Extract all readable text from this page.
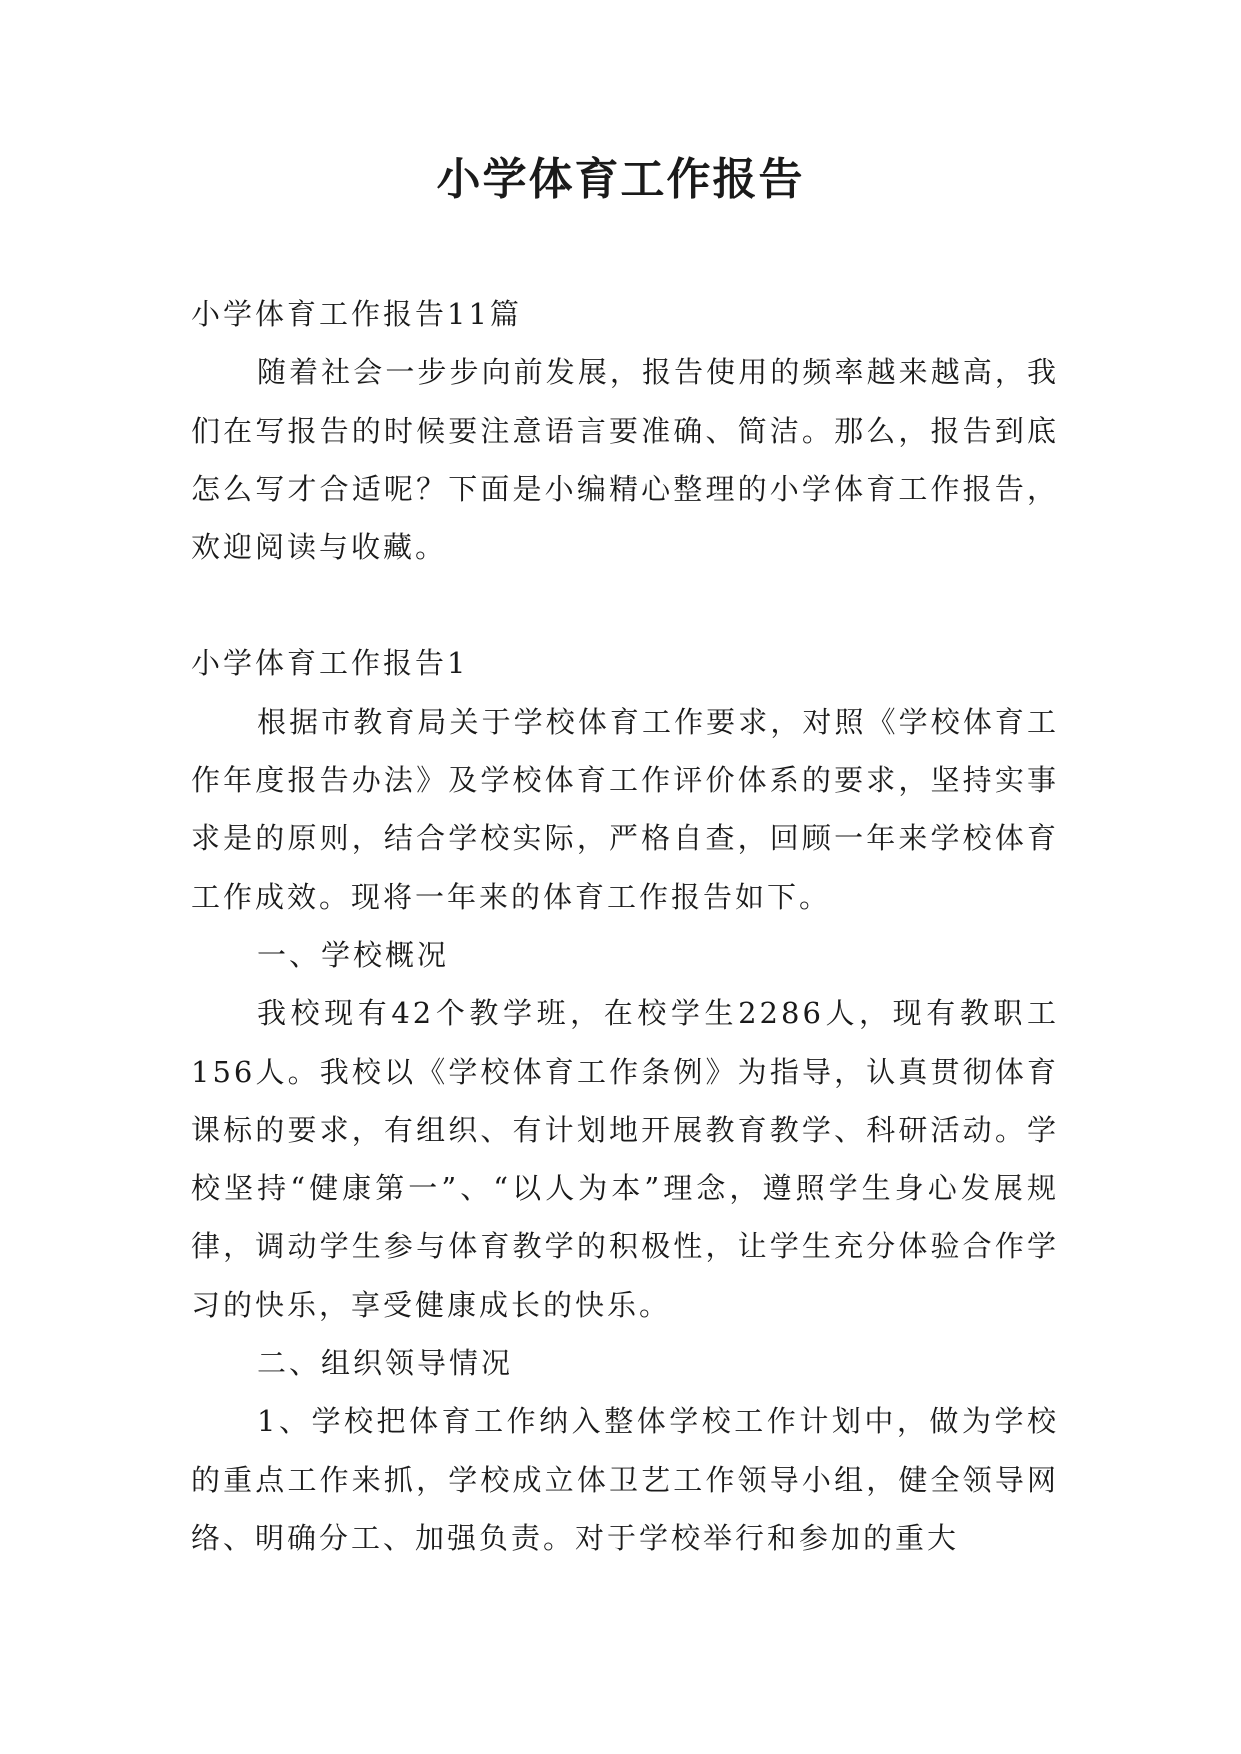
小学体育工作报告

小学体育工作报告11篇

随着社会一步步向前发展，报告使用的频率越来越高，我们在写报告的时候要注意语言要准确、简洁。那么，报告到底怎么写才合适呢？下面是小编精心整理的小学体育工作报告，欢迎阅读与收藏。

小学体育工作报告1

根据市教育局关于学校体育工作要求，对照《学校体育工作年度报告办法》及学校体育工作评价体系的要求，坚持实事求是的原则，结合学校实际，严格自查，回顾一年来学校体育工作成效。现将一年来的体育工作报告如下。

一、学校概况

我校现有42个教学班，在校学生2286人，现有教职工156人。我校以《学校体育工作条例》为指导，认真贯彻体育课标的要求，有组织、有计划地开展教育教学、科研活动。学校坚持“健康第一”、“以人为本”理念，遵照学生身心发展规律，调动学生参与体育教学的积极性，让学生充分体验合作学习的快乐，享受健康成长的快乐。

二、组织领导情况

1、学校把体育工作纳入整体学校工作计划中，做为学校的重点工作来抓，学校成立体卫艺工作领导小组，健全领导网络、明确分工、加强负责。对于学校举行和参加的重大
